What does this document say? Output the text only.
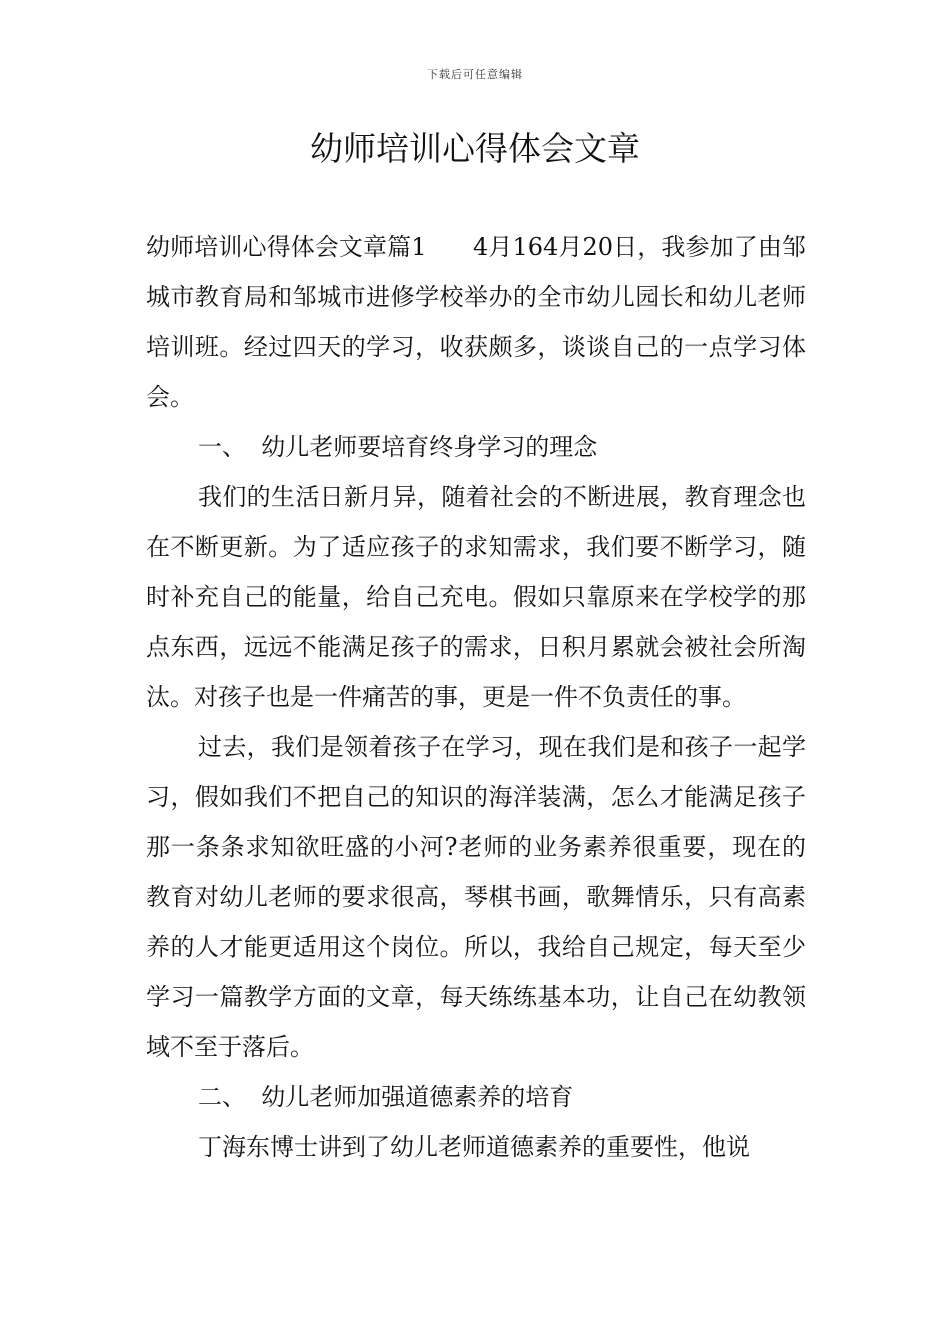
下载后可任意编辑
幼师培训心得体会文章

幼师培训心得体会文章篇1      4月164月20日，我参加了由邹城市教育局和邹城市进修学校举办的全市幼儿园长和幼儿老师培训班。经过四天的学习，收获颇多，谈谈自己的一点学习体会。

一、  幼儿老师要培育终身学习的理念

我们的生活日新月异，随着社会的不断进展，教育理念也在不断更新。为了适应孩子的求知需求，我们要不断学习，随时补充自己的能量，给自己充电。假如只靠原来在学校学的那点东西，远远不能满足孩子的需求，日积月累就会被社会所淘汰。对孩子也是一件痛苦的事，更是一件不负责任的事。

过去，我们是领着孩子在学习，现在我们是和孩子一起学习，假如我们不把自己的知识的海洋装满，怎么才能满足孩子那一条条求知欲旺盛的小河?老师的业务素养很重要，现在的教育对幼儿老师的要求很高，琴棋书画，歌舞情乐，只有高素养的人才能更适用这个岗位。所以，我给自己规定，每天至少学习一篇教学方面的文章，每天练练基本功，让自己在幼教领域不至于落后。

二、  幼儿老师加强道德素养的培育

丁海东博士讲到了幼儿老师道德素养的重要性，他说
